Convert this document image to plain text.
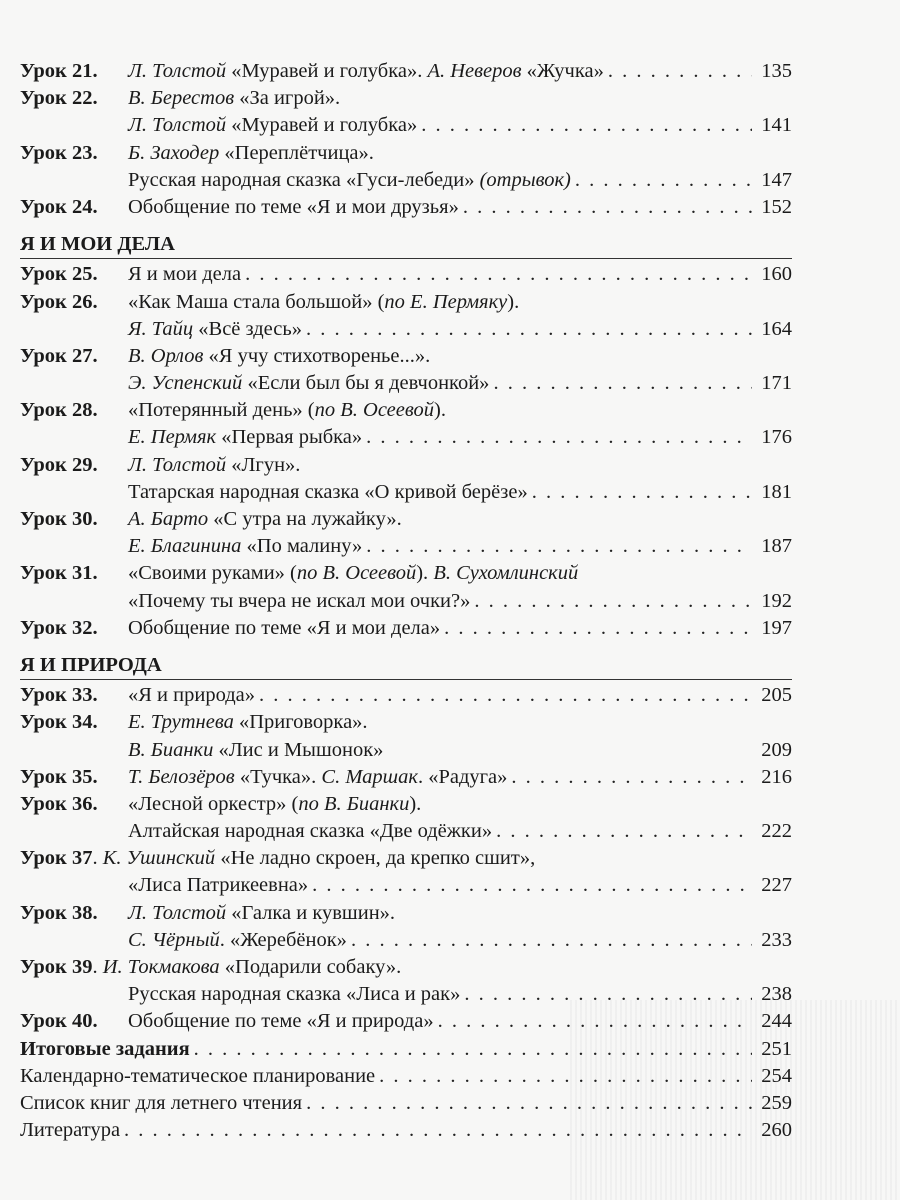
Урок 21.	Л. Толстой «Муравей и голубка». А. Неверов «Жучка» . . .	135
Урок 22.	В. Берестов «За игрой».
Л. Толстой «Муравей и голубка» . . .	141
Урок 23.	Б. Заходер «Переплётчица».
Русская народная сказка «Гуси-лебеди» (отрывок) . . .	147
Урок 24.	Обобщение по теме «Я и мои друзья» . . .	152
Я И МОИ ДЕЛА
Урок 25.	Я и мои дела . . .	160
Урок 26.	«Как Маша стала большой» (по Е. Пермяку).
Я. Тайц «Всё здесь» . . .	164
Урок 27.	В. Орлов «Я учу стихотворенье...».
Э. Успенский «Если был бы я девчонкой» . . .	171
Урок 28.	«Потерянный день» (по В. Осеевой).
Е. Пермяк «Первая рыбка» . . .	176
Урок 29.	Л. Толстой «Лгун».
Татарская народная сказка «О кривой берёзе» . . .	181
Урок 30.	А. Барто «С утра на лужайку».
Е. Благинина «По малину» . . .	187
Урок 31.	«Своими руками» (по В. Осеевой). В. Сухомлинский
«Почему ты вчера не искал мои очки?» . . .	192
Урок 32.	Обобщение по теме «Я и мои дела» . . .	197
Я И ПРИРОДА
Урок 33.	«Я и природа» . . .	205
Урок 34.	Е. Трутнева «Приговорка».
В. Бианки «Лис и Мышонок»	209
Урок 35.	Т. Белозёров «Тучка». С. Маршак. «Радуга» . . .	216
Урок 36.	«Лесной оркестр» (по В. Бианки).
Алтайская народная сказка «Две одёжки» . . .	222
Урок 37 . К. Ушинский «Не ладно скроен, да крепко сшит»,
«Лиса Патрикеевна» . . .	227
Урок 38.	Л. Толстой «Галка и кувшин».
С. Чёрный. «Жеребёнок» . . .	233
Урок 39 . И. Токмакова «Подарили собаку».
Русская народная сказка «Лиса и рак» . . .	238
Урок 40.	Обобщение по теме «Я и природа» . . .	244
Итоговые задания . . .	251
Календарно-тематическое планирование . . .	254
Список книг для летнего чтения . . .	259
Литература . . .	260
